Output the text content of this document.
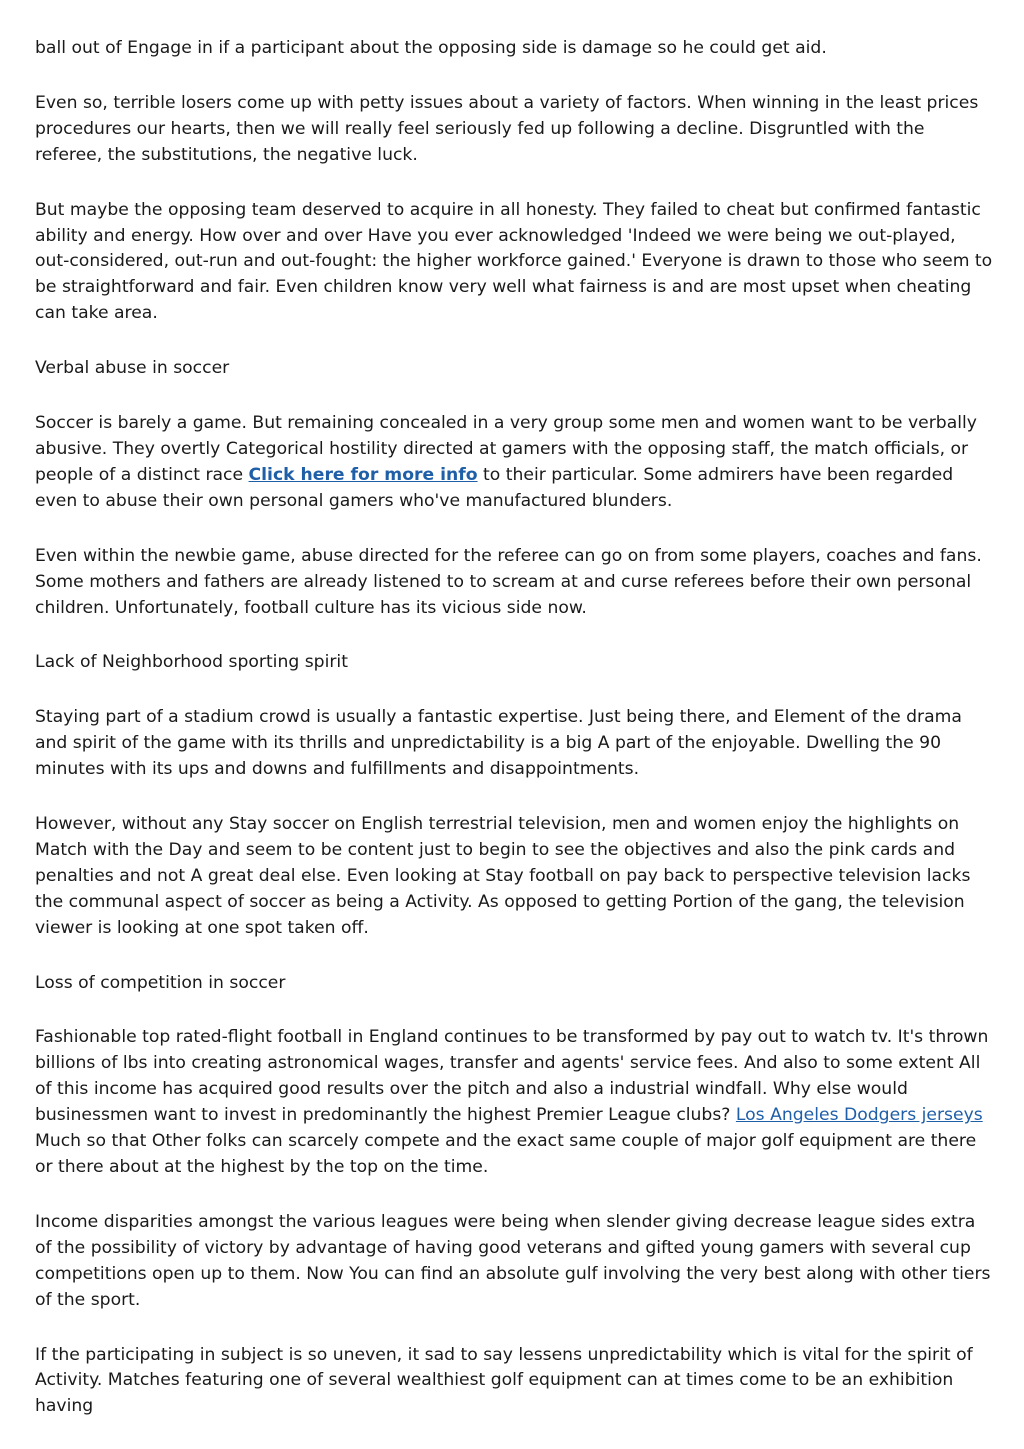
ball out of Engage in if a participant about the opposing side is damage so he could get aid.

Even so, terrible losers come up with petty issues about a variety of factors. When winning in the least prices procedures our hearts, then we will really feel seriously fed up following a decline. Disgruntled with the referee, the substitutions, the negative luck.

But maybe the opposing team deserved to acquire in all honesty. They failed to cheat but confirmed fantastic ability and energy. How over and over Have you ever acknowledged 'Indeed we were being we out-played, out-considered, out-run and out-fought: the higher workforce gained.' Everyone is drawn to those who seem to be straightforward and fair. Even children know very well what fairness is and are most upset when cheating can take area.

Verbal abuse in soccer

Soccer is barely a game. But remaining concealed in a very group some men and women want to be verbally abusive. They overtly Categorical hostility directed at gamers with the opposing staff, the match officials, or people of a distinct race Click here for more info to their particular. Some admirers have been regarded even to abuse their own personal gamers who've manufactured blunders.

Even within the newbie game, abuse directed for the referee can go on from some players, coaches and fans. Some mothers and fathers are already listened to to scream at and curse referees before their own personal children. Unfortunately, football culture has its vicious side now.

Lack of Neighborhood sporting spirit

Staying part of a stadium crowd is usually a fantastic expertise. Just being there, and Element of the drama and spirit of the game with its thrills and unpredictability is a big A part of the enjoyable. Dwelling the 90 minutes with its ups and downs and fulfillments and disappointments.

However, without any Stay soccer on English terrestrial television, men and women enjoy the highlights on Match with the Day and seem to be content just to begin to see the objectives and also the pink cards and penalties and not A great deal else. Even looking at Stay football on pay back to perspective television lacks the communal aspect of soccer as being a Activity. As opposed to getting Portion of the gang, the television viewer is looking at one spot taken off.

Loss of competition in soccer

Fashionable top rated-flight football in England continues to be transformed by pay out to watch tv. It's thrown billions of lbs into creating astronomical wages, transfer and agents' service fees. And also to some extent All of this income has acquired good results over the pitch and also a industrial windfall. Why else would businessmen want to invest in predominantly the highest Premier League clubs? Los Angeles Dodgers jerseys Much so that Other folks can scarcely compete and the exact same couple of major golf equipment are there or there about at the highest by the top on the time.

Income disparities amongst the various leagues were being when slender giving decrease league sides extra of the possibility of victory by advantage of having good veterans and gifted young gamers with several cup competitions open up to them. Now You can find an absolute gulf involving the very best along with other tiers of the sport.

If the participating in subject is so uneven, it sad to say lessens unpredictability which is vital for the spirit of Activity. Matches featuring one of several wealthiest golf equipment can at times come to be an exhibition having
